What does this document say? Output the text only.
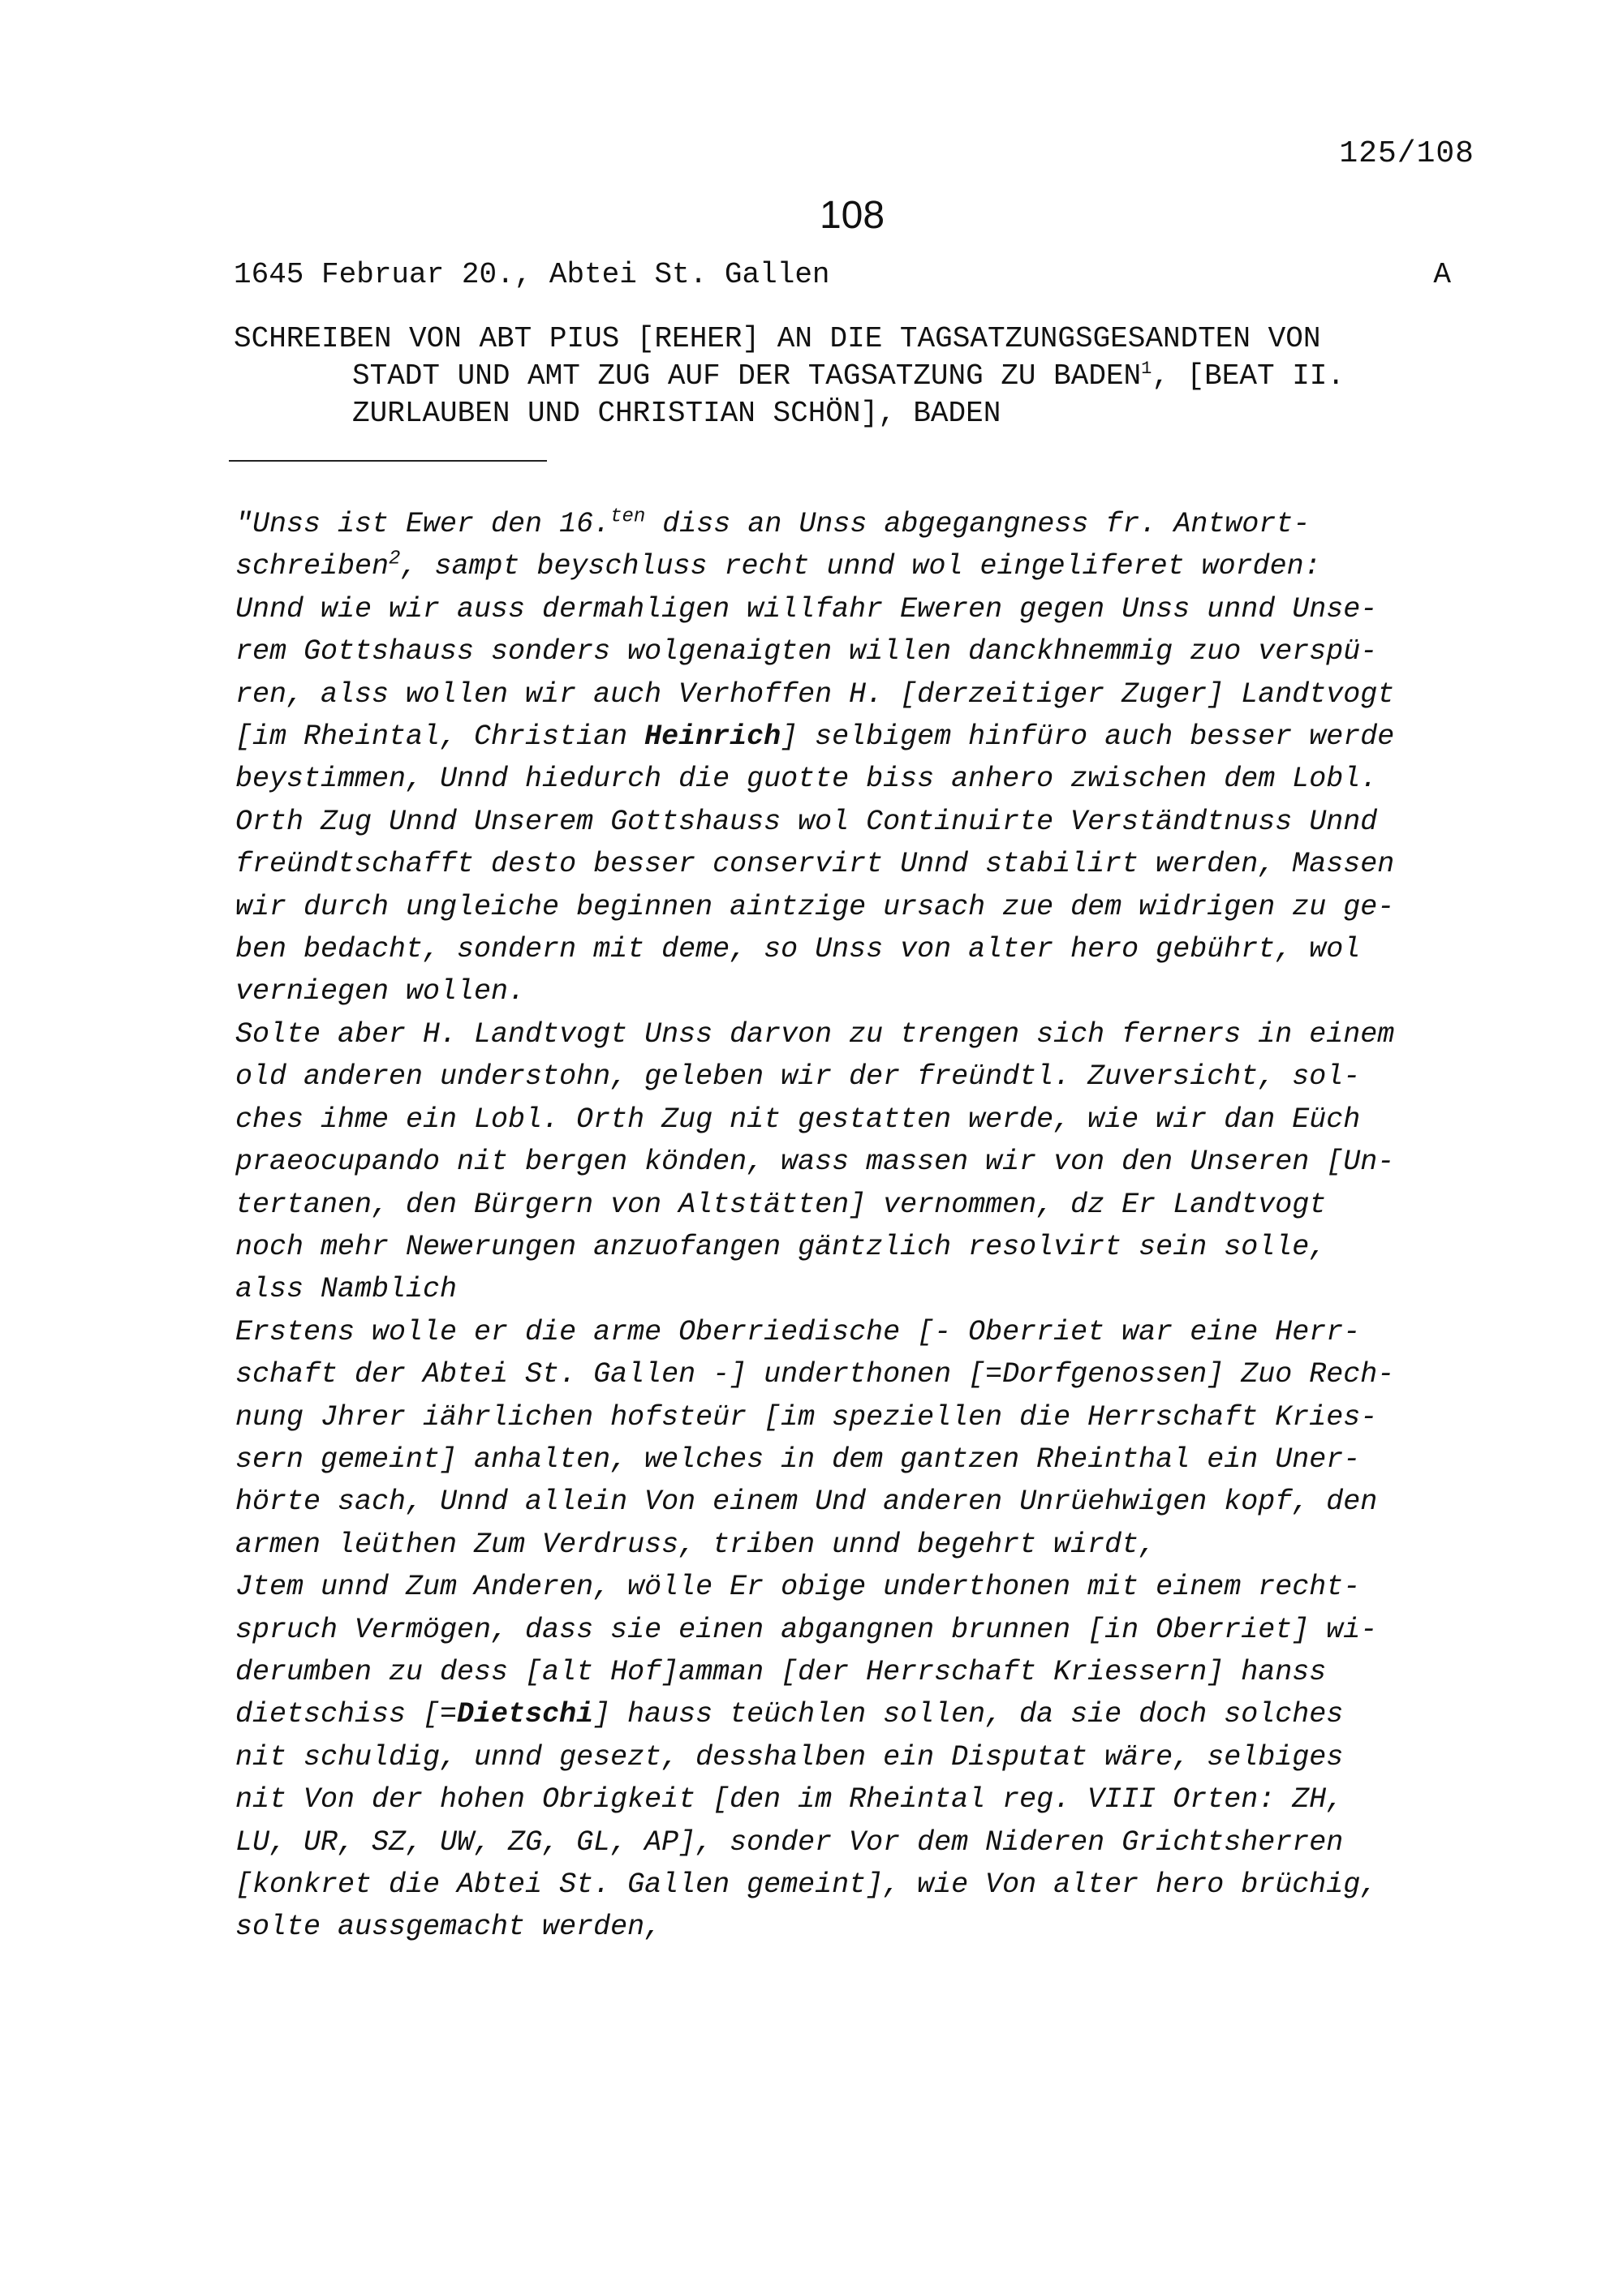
125/108
108
1645 Februar 20., Abtei St. Gallen	A
SCHREIBEN VON ABT PIUS [REHER] AN DIE TAGSATZUNGSGESANDTEN VON
STADT UND AMT ZUG AUF DER TAGSATZUNG ZU BADEN$^1$, [BEAT II.
ZURLAUBEN UND CHRISTIAN SCHÖN], BADEN
"Unss ist Ewer den 16.$^{ten}$ diss an Unss abgegangness fr. Antwort-
schreiben$^2$, sampt beyschluss recht unnd wol eingeliferet worden:
Unnd wie wir auss dermahligen willfahr Eweren gegen Unss unnd Unse-
rem Gottshauss sonders wolgenaigten willen danckhnemmig zuo verspü-
ren, alss wollen wir auch Verhoffen H. [derzeitiger Zuger] Landtvogt
[im Rheintal, Christian Heinrich] selbigem hinfüro auch besser werde
beystimmen, Unnd hiedurch die guotte biss anhero zwischen dem Lobl.
Orth Zug Unnd Unserem Gottshauss wol Continuirte Verständtnuss Unnd
freündtschafft desto besser conservirt Unnd stabilirt werden, Massen
wir durch ungleiche beginnen aintzige ursach zue dem widrigen zu ge-
ben bedacht, sondern mit deme, so Unss von alter hero gebührt, wol
verniegen wollen.
Solte aber H. Landtvogt Unss darvon zu trengen sich ferners in einem
old anderen understohn, geleben wir der freündtl. Zuversicht, sol-
ches ihme ein Lobl. Orth Zug nit gestatten werde, wie wir dan Eüch
praeocupando nit bergen könden, wass massen wir von den Unseren [Un-
tertanen, den Bürgern von Altstätten] vernommen, dz Er Landtvogt
noch mehr Newerungen anzuofangen gäntzlich resolvirt sein solle,
alss Namblich
Erstens wolle er die arme Oberriedische [- Oberriet war eine Herr-
schaft der Abtei St. Gallen -] underthonen [=Dorfgenossen] Zuo Rech-
nung Jhrer iährlichen hofsteür [im speziellen die Herrschaft Kries-
sern gemeint] anhalten, welches in dem gantzen Rheinthal ein Uner-
hörte sach, Unnd allein Von einem Und anderen Unrüehwigen kopf, den
armen leüthen Zum Verdruss, triben unnd begehrt wirdt,
Jtem unnd Zum Anderen, wölle Er obige underthonen mit einem recht-
spruch Vermögen, dass sie einen abgangnen brunnen [in Oberriet] wi-
derumben zu dess [alt Hof]amman [der Herrschaft Kriessern] hanss
dietschiss [=Dietschi] hauss teüchlen sollen, da sie doch solches
nit schuldig, unnd gesezt, desshalben ein Disputat wäre, selbiges
nit Von der hohen Obrigkeit [den im Rheintal reg. VIII Orten: ZH,
LU, UR, SZ, UW, ZG, GL, AP], sonder Vor dem Nideren Grichtsherren
[konkret die Abtei St. Gallen gemeint], wie Von alter hero brüchig,
solte aussgemacht werden,
